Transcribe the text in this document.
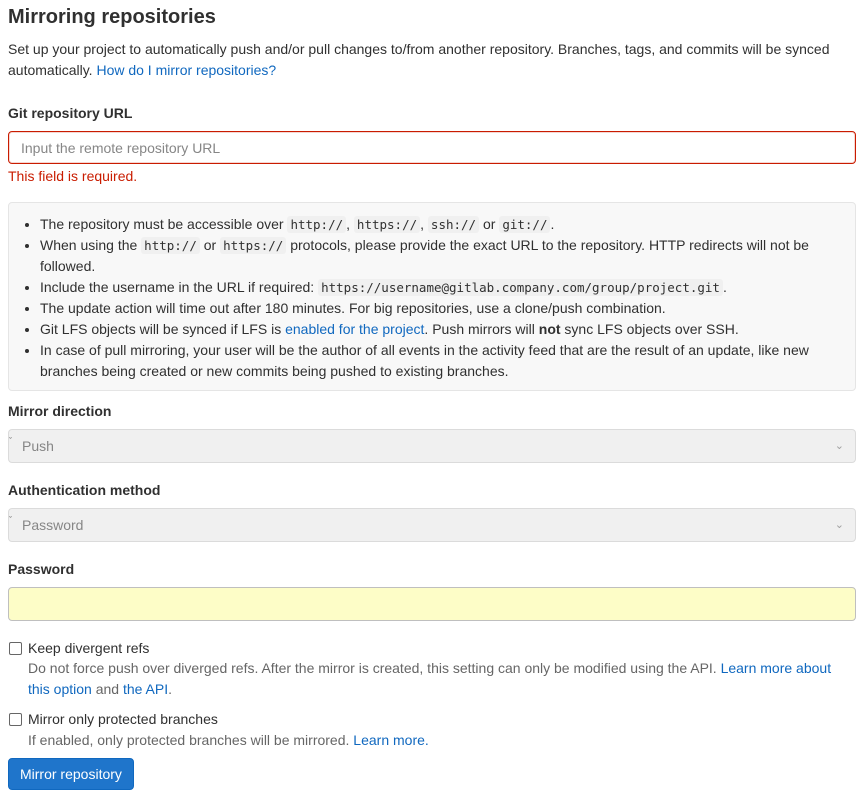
Mirroring repositories
Set up your project to automatically push and/or pull changes to/from another repository. Branches, tags, and commits will be synced automatically. How do I mirror repositories?
Git repository URL
Input the remote repository URL
This field is required.
• The repository must be accessible over http:// , https:// , ssh:// or git:// .
• When using the http:// or https:// protocols, please provide the exact URL to the repository. HTTP redirects will not be followed.
• Include the username in the URL if required: https://username@gitlab.company.com/group/project.git .
• The update action will time out after 180 minutes. For big repositories, use a clone/push combination.
• Git LFS objects will be synced if LFS is enabled for the project. Push mirrors will not sync LFS objects over SSH.
• In case of pull mirroring, your user will be the author of all events in the activity feed that are the result of an update, like new branches being created or new commits being pushed to existing branches.
Mirror direction
ˇ Push	⌄
Authentication method
ˇ Password	⌄
Password
Keep divergent refs
Do not force push over diverged refs. After the mirror is created, this setting can only be modified using the API. Learn more about this option and the API.
Mirror only protected branches
If enabled, only protected branches will be mirrored. Learn more.
Mirror repository
